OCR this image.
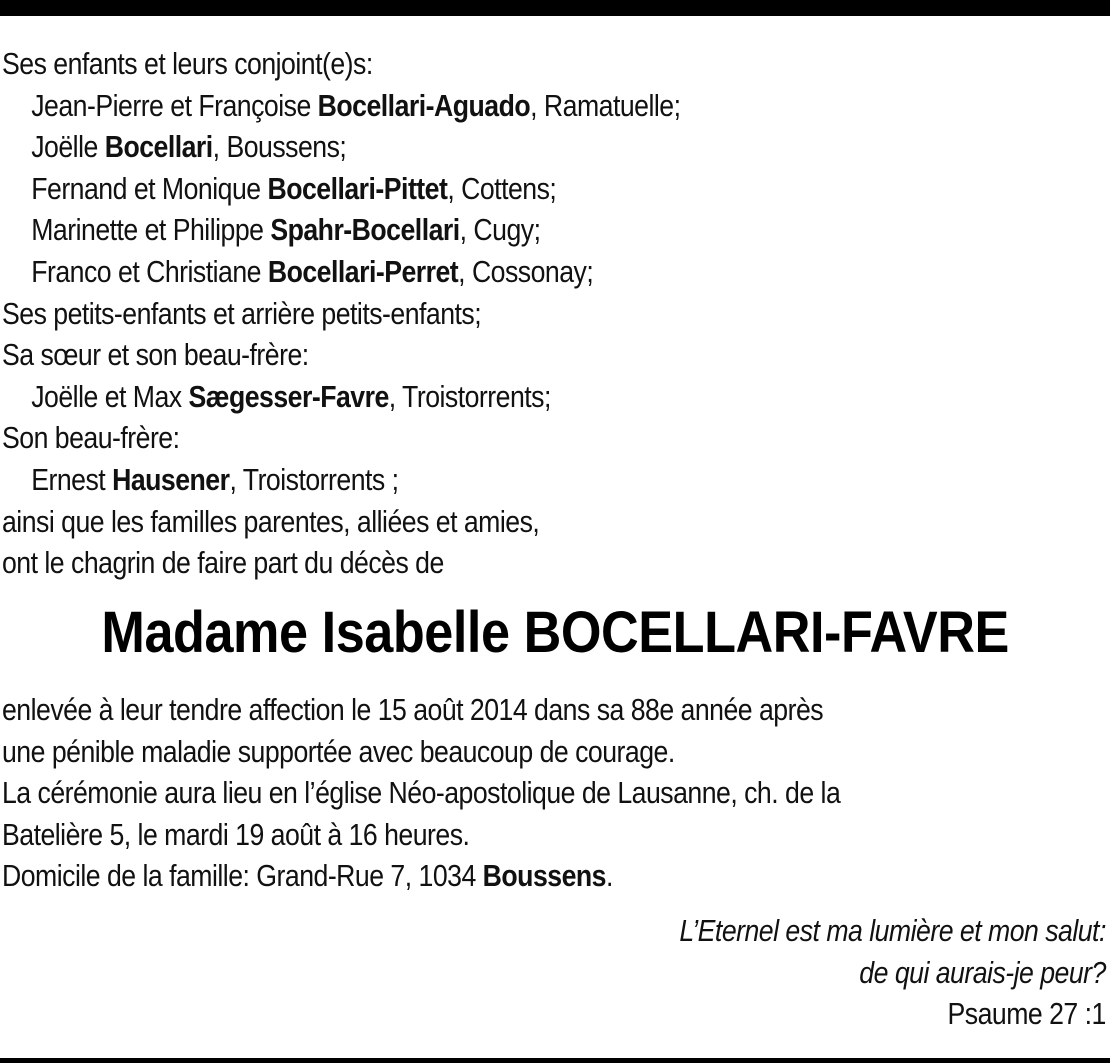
Ses enfants et leurs conjoint(e)s:
Jean-Pierre et Françoise Bocellari-Aguado, Ramatuelle;
Joëlle Bocellari, Boussens;
Fernand et Monique Bocellari-Pittet, Cottens;
Marinette et Philippe Spahr-Bocellari, Cugy;
Franco et Christiane Bocellari-Perret, Cossonay;
Ses petits-enfants et arrière petits-enfants;
Sa sœur et son beau-frère:
Joëlle et Max Sægesser-Favre, Troistorrents;
Son beau-frère:
Ernest Hausener, Troistorrents ;
ainsi que les familles parentes, alliées et amies,
ont le chagrin de faire part du décès de
Madame Isabelle BOCELLARI-FAVRE
enlevée à leur tendre affection le 15 août 2014 dans sa 88e année après
une pénible maladie supportée avec beaucoup de courage.
La cérémonie aura lieu en l’église Néo-apostolique de Lausanne, ch. de la
Batelière 5, le mardi 19 août à 16 heures.
Domicile de la famille: Grand-Rue 7, 1034 Boussens.
L’Eternel est ma lumière et mon salut:
de qui aurais-je peur?
Psaume 27 :1
